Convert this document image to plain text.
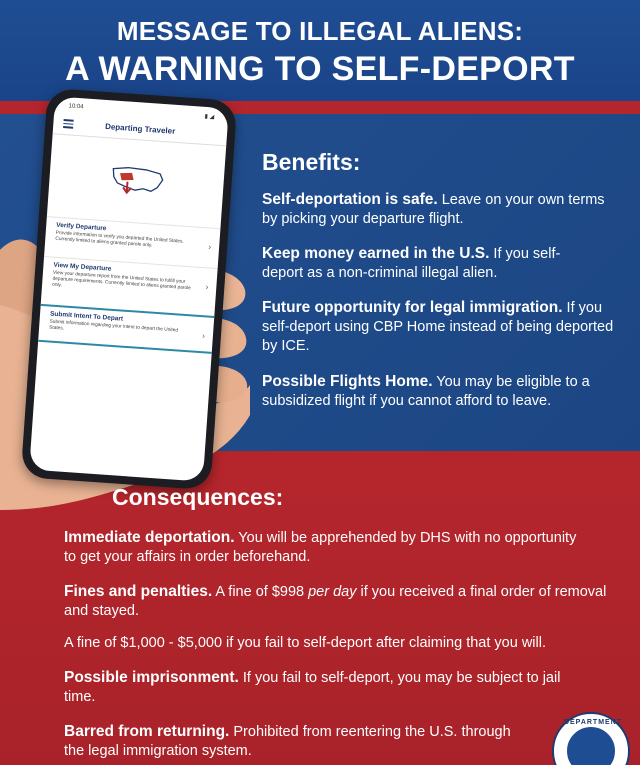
MESSAGE TO ILLEGAL ALIENS:
A WARNING TO SELF-DEPORT
Benefits:
Self-deportation is safe. Leave on your own terms by picking your departure flight.
Keep money earned in the U.S. If you self-deport as a non-criminal illegal alien.
Future opportunity for legal immigration. If you self-deport using CBP Home instead of being deported by ICE.
Possible Flights Home. You may be eligible to a subsidized flight if you cannot afford to leave.
10:04
▮ ◢
Departing Traveler
Verify Departure
Provide information to verify you departed the United States. Currently limited to aliens granted parole only.	›
View My Departure
View your departure report from the United States to fulfill your departure requirements. Currently limited to aliens granted parole only.	›
Submit Intent To Depart
Submit information regarding your intent to depart the United States.
›
Consequences:
Immediate deportation. You will be apprehended by DHS with no opportunity to get your affairs in order beforehand.
Fines and penalties. A fine of $998 per day if you received a final order of removal and stayed.
A fine of $1,000 - $5,000 if you fail to self-deport after claiming that you will.
Possible imprisonment. If you fail to self-deport, you may be subject to jail time.
Barred from returning. Prohibited from reentering the U.S. through the legal immigration system.
DEPARTMENT
